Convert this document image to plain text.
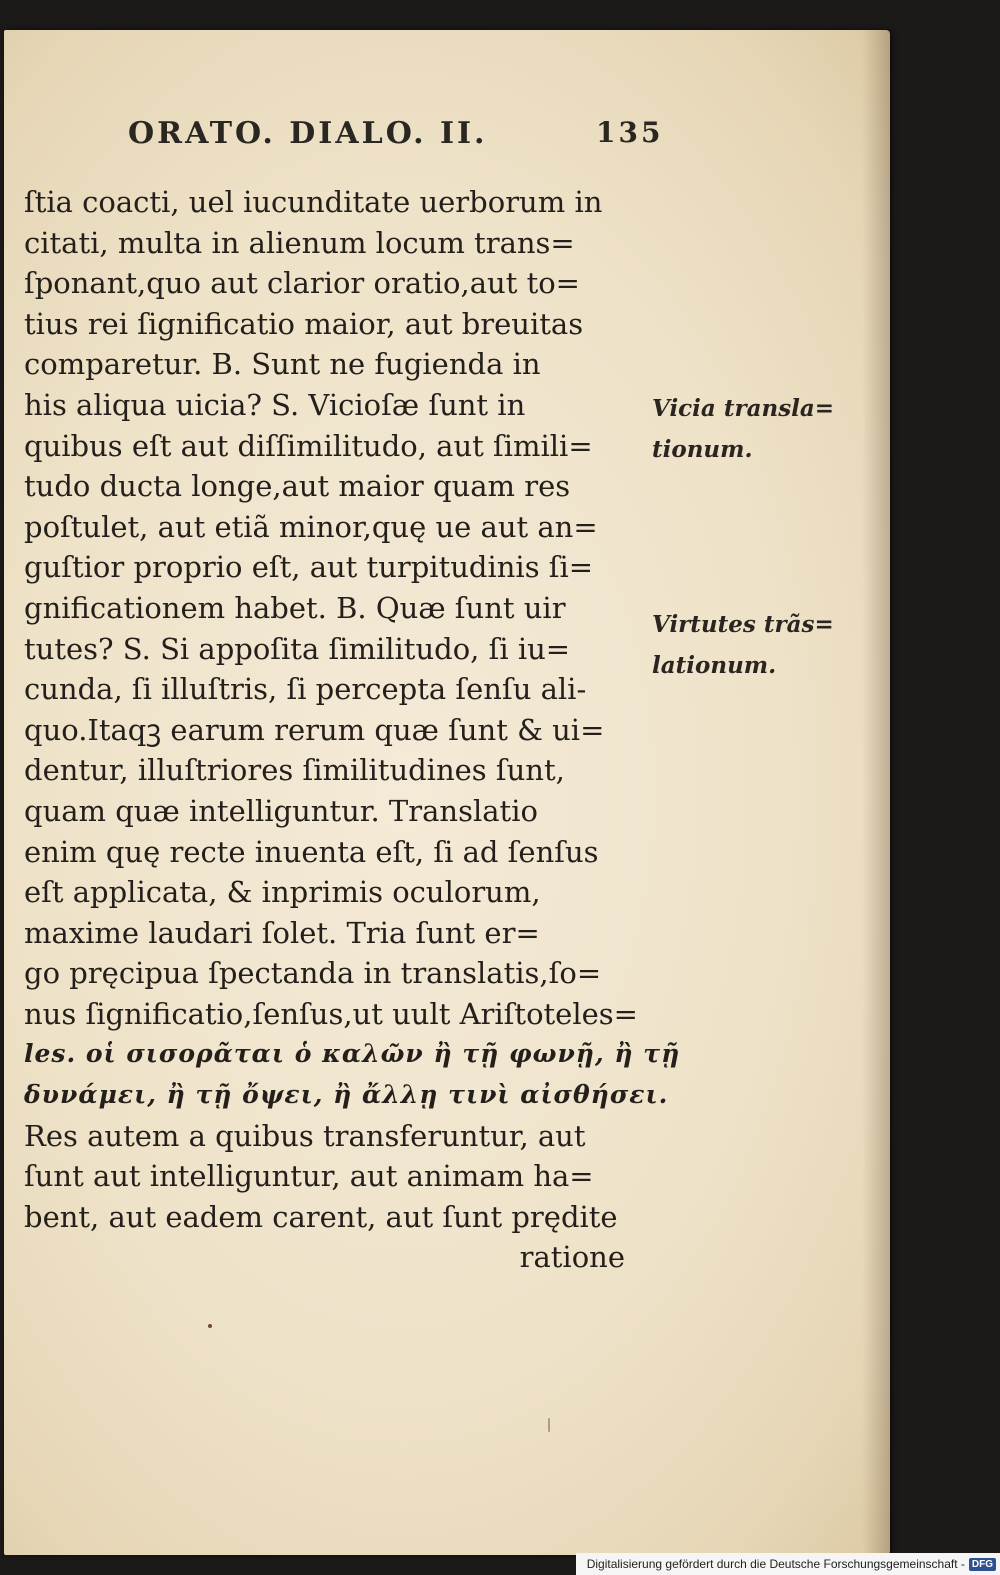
ORATO. DIALO. II.	135
ſtia coacti, uel iucunditate uerborum in
citati, multa in alienum locum trans=
ſponant,quo aut clarior oratio,aut to=
tius rei ſignificatio maior, aut breuitas
comparetur. B. Sunt ne fugienda in
his aliqua uicia? S. Vicioſæ ſunt in
quibus eſt aut diſſimilitudo, aut ſimili=
tudo ducta longe,aut maior quam res
poſtulet, aut etiã minor,quę ue aut an=
guſtior proprio eſt, aut turpitudinis ſi=
gnificationem habet. B. Quæ ſunt uir
tutes? S. Si appoſita ſimilitudo, ſi iu=
cunda, ſi illuſtris, ſi percepta ſenſu ali-
quo.Itaqꝫ earum rerum quæ ſunt & ui=
dentur, illuſtriores ſimilitudines ſunt,
quam quæ intelliguntur. Translatio
enim quę recte inuenta eſt, ſi ad ſenſus
eſt applicata, & inprimis oculorum,
maxime laudari ſolet. Tria ſunt er=
go pręcipua ſpectanda in translatis,ſo=
nus ſignificatio,ſenſus,ut uult Ariſtoteles=
les. οἱ σισορᾶται ὁ καλῶν ἢ τῇ φωνῇ, ἢ τῇ
δυνάμει, ἢ τῇ ὄψει, ἢ ἄλλῃ τινὶ αἰσθήσει.
Res autem a quibus transferuntur, aut
ſunt aut intelliguntur, aut animam ha=
bent, aut eadem carent, aut ſunt prędite
ratione
Vicia transla=
tionum.
Virtutes trãs=
lationum.
Digitalisierung gefördert durch die Deutsche Forschungsgemeinschaft - DFG
